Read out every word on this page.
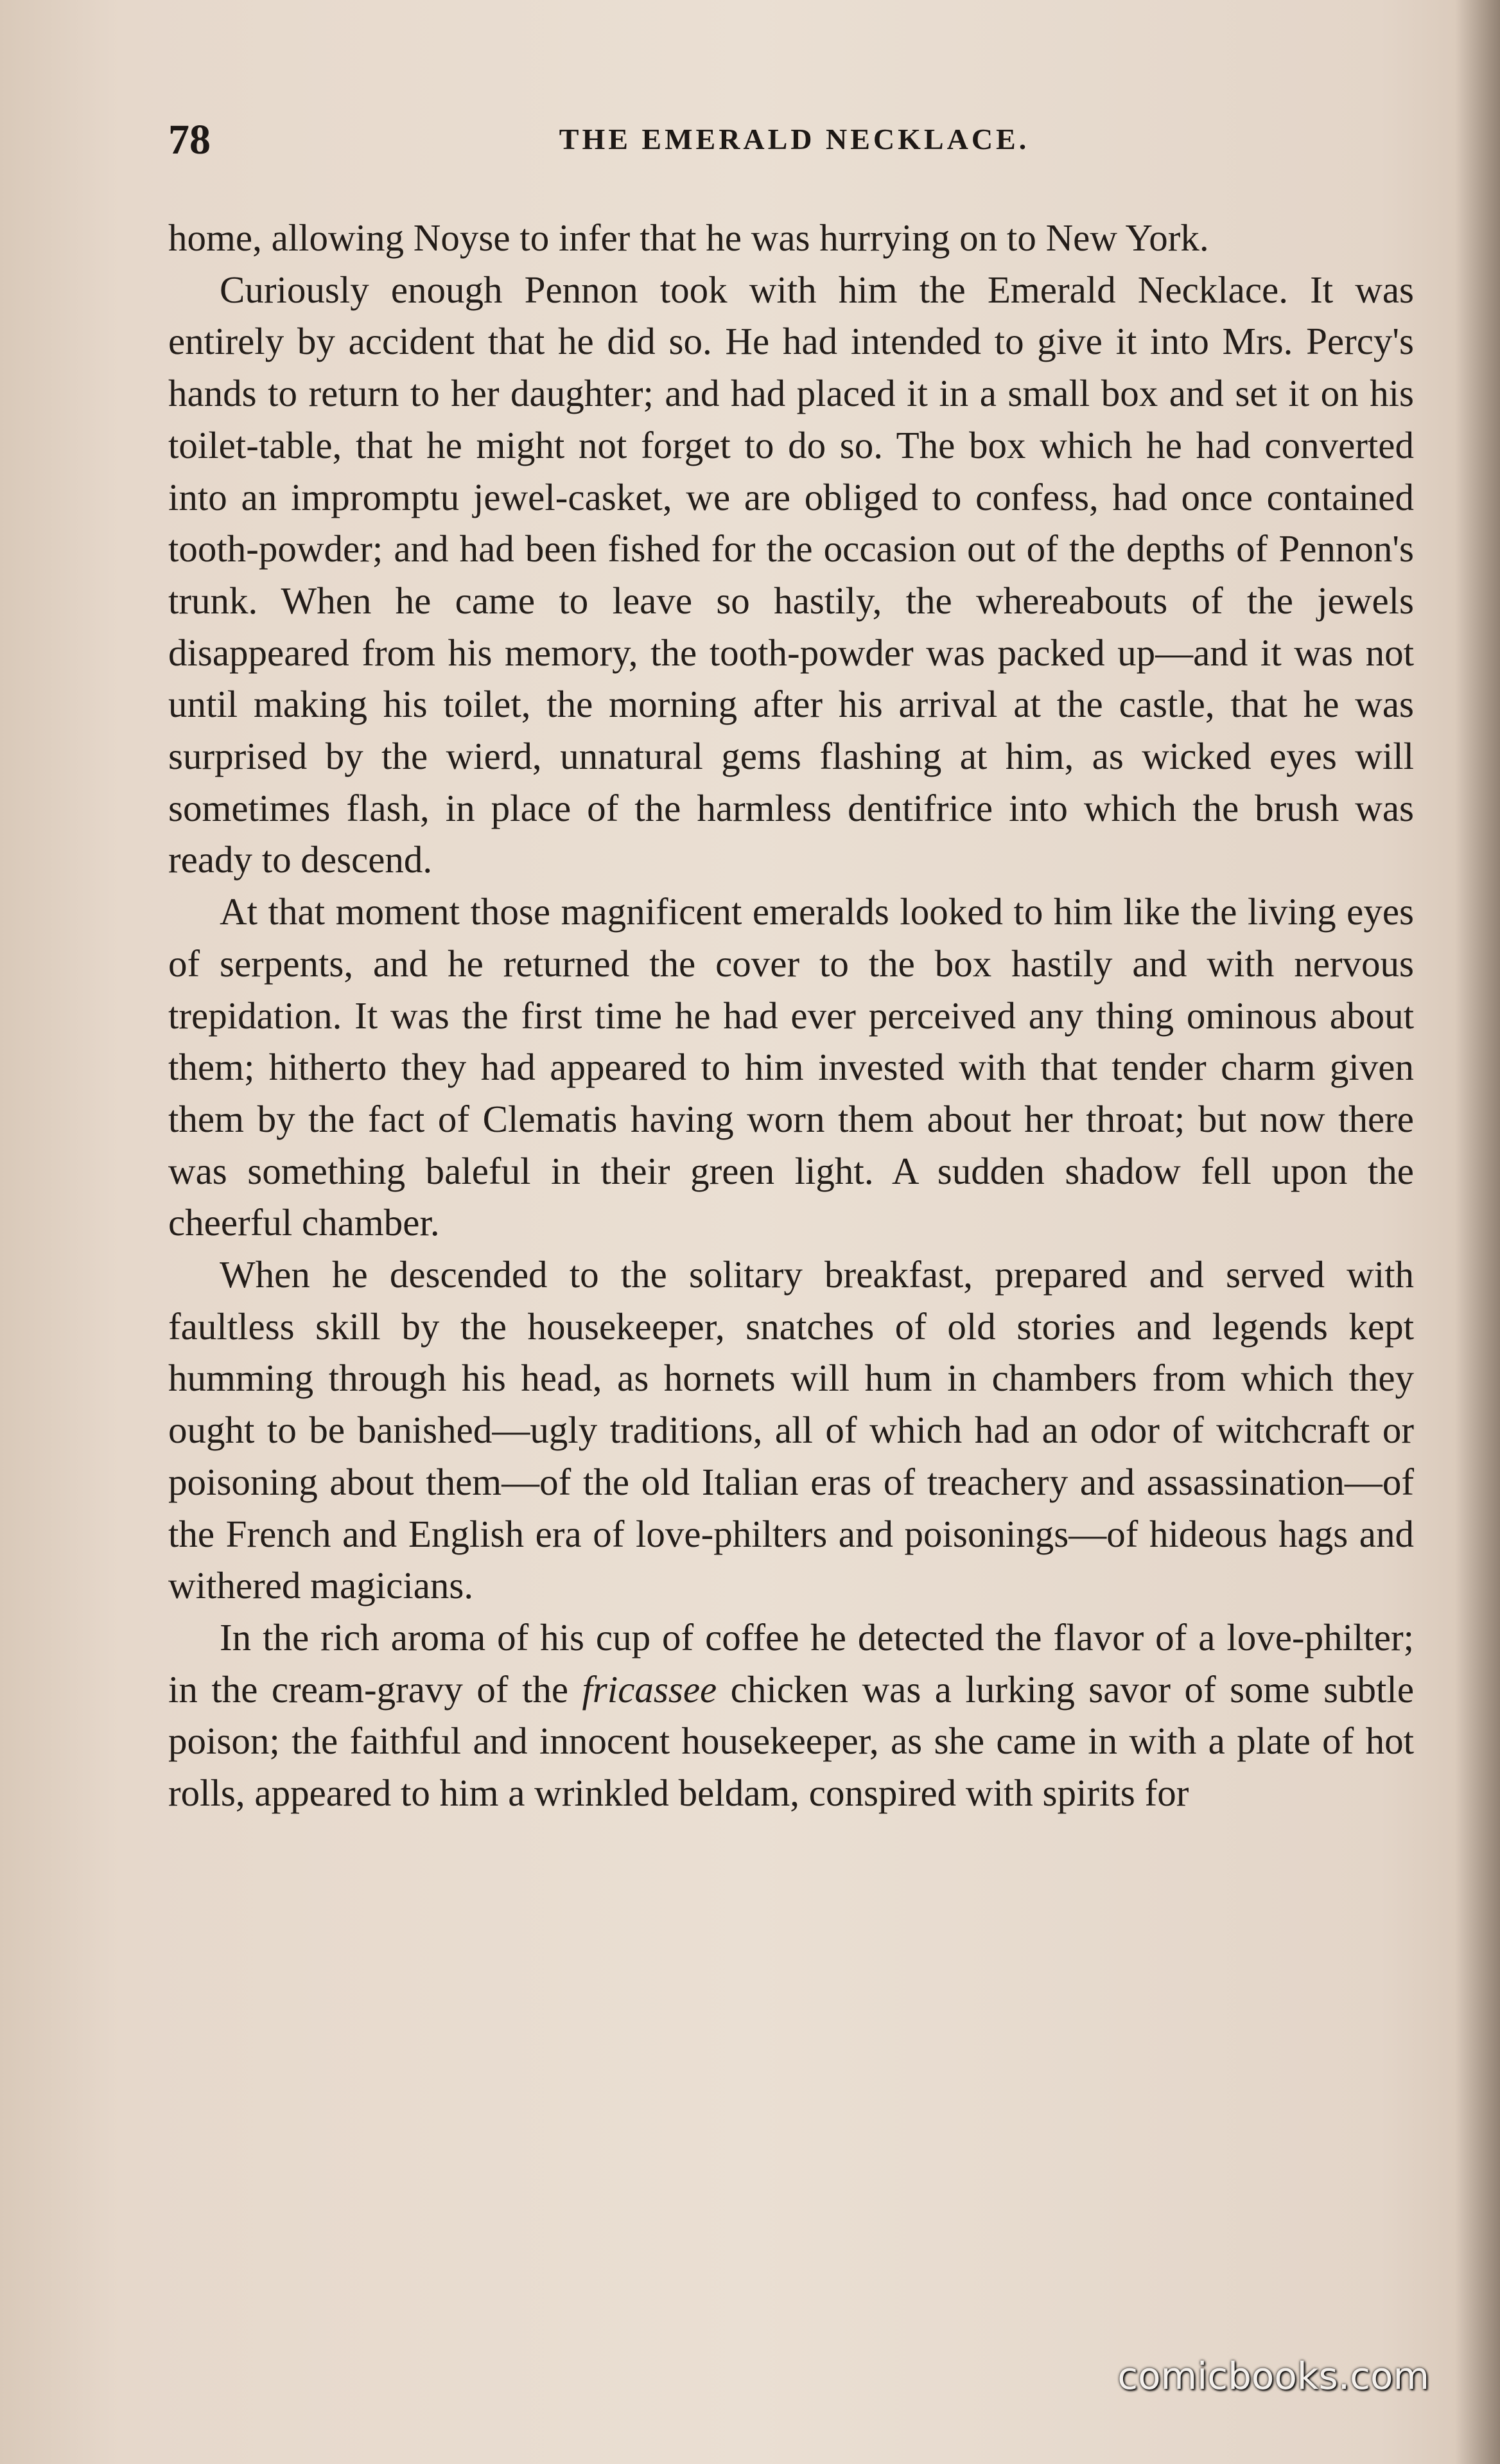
78	THE EMERALD NECKLACE.

home, allowing Noyse to infer that he was hurrying on to New York.

Curiously enough Pennon took with him the Emerald Necklace. It was entirely by accident that he did so. He had intended to give it into Mrs. Percy's hands to return to her daughter; and had placed it in a small box and set it on his toilet-table, that he might not forget to do so. The box which he had converted into an impromptu jewel-casket, we are obliged to confess, had once contained tooth-powder; and had been fished for the occasion out of the depths of Pennon's trunk. When he came to leave so hastily, the whereabouts of the jewels disappeared from his memory, the tooth-powder was packed up—and it was not until making his toilet, the morning after his arrival at the castle, that he was surprised by the wierd, unnatural gems flashing at him, as wicked eyes will sometimes flash, in place of the harmless dentifrice into which the brush was ready to descend.

At that moment those magnificent emeralds looked to him like the living eyes of serpents, and he returned the cover to the box hastily and with nervous trepidation. It was the first time he had ever perceived any thing ominous about them; hitherto they had appeared to him invested with that tender charm given them by the fact of Clematis having worn them about her throat; but now there was something baleful in their green light. A sudden shadow fell upon the cheerful chamber.

When he descended to the solitary breakfast, prepared and served with faultless skill by the housekeeper, snatches of old stories and legends kept humming through his head, as hornets will hum in chambers from which they ought to be banished—ugly traditions, all of which had an odor of witchcraft or poisoning about them—of the old Italian eras of treachery and assassination—of the French and English era of love-philters and poisonings—of hideous hags and withered magicians.

In the rich aroma of his cup of coffee he detected the flavor of a love-philter; in the cream-gravy of the fricassee chicken was a lurking savor of some subtle poison; the faithful and innocent housekeeper, as she came in with a plate of hot rolls, appeared to him a wrinkled beldam, conspired with spirits for

comicbooks.com
